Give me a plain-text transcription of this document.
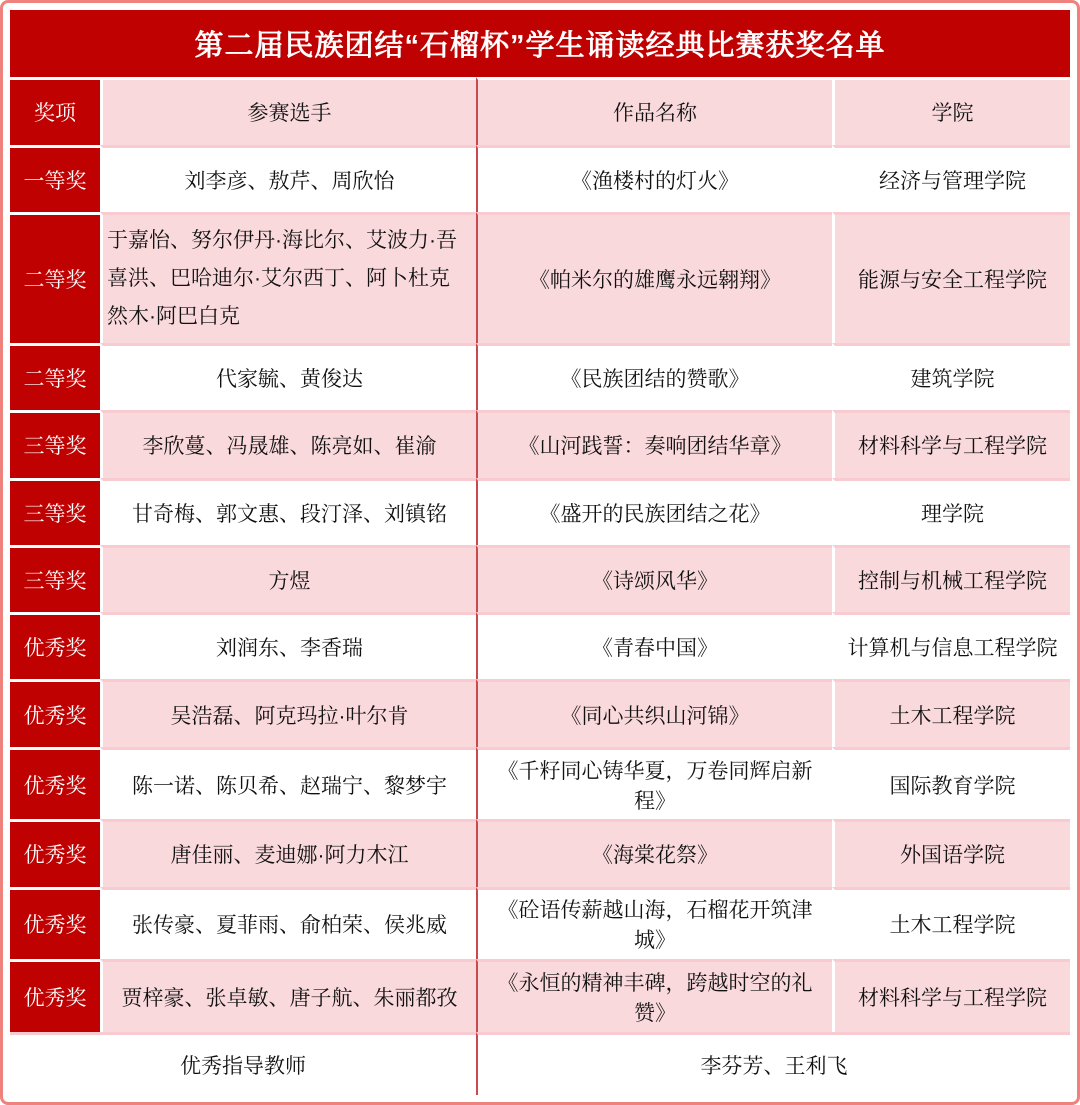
第二届民族团结“石榴杯”学生诵读经典比赛获奖名单			
奖项	参赛选手	作品名称	学院
一等奖	刘李彦、敖芹、周欣怡	《渔楼村的灯火》	经济与管理学院
二等奖	于嘉怡、努尔伊丹·海比尔、艾波力·吾喜洪、巴哈迪尔·艾尔西丁、阿卜杜克然木·阿巴白克	《帕米尔的雄鹰永远翱翔》	能源与安全工程学院
二等奖	代家毓、黄俊达	《民族团结的赞歌》	建筑学院
三等奖	李欣蔓、冯晟雄、陈亮如、崔渝	《山河践誓：奏响团结华章》	材料科学与工程学院
三等奖	甘奇梅、郭文惠、段汀泽、刘镇铭	《盛开的民族团结之花》	理学院
三等奖	方煜	《诗颂风华》	控制与机械工程学院
优秀奖	刘润东、李香瑞	《青春中国》	计算机与信息工程学院
优秀奖	吴浩磊、阿克玛拉·叶尔肯	《同心共织山河锦》	土木工程学院
优秀奖	陈一诺、陈贝希、赵瑞宁、黎梦宇	《千籽同心铸华夏，万卷同辉启新程》	国际教育学院
优秀奖	唐佳丽、麦迪娜·阿力木江	《海棠花祭》	外国语学院
优秀奖	张传豪、夏菲雨、俞柏荣、侯兆威	《砼语传薪越山海，石榴花开筑津城》	土木工程学院
优秀奖	贾梓豪、张卓敏、唐子航、朱丽都孜	《永恒的精神丰碑，跨越时空的礼赞》	材料科学与工程学院
优秀指导教师		李芬芳、王利飞	
